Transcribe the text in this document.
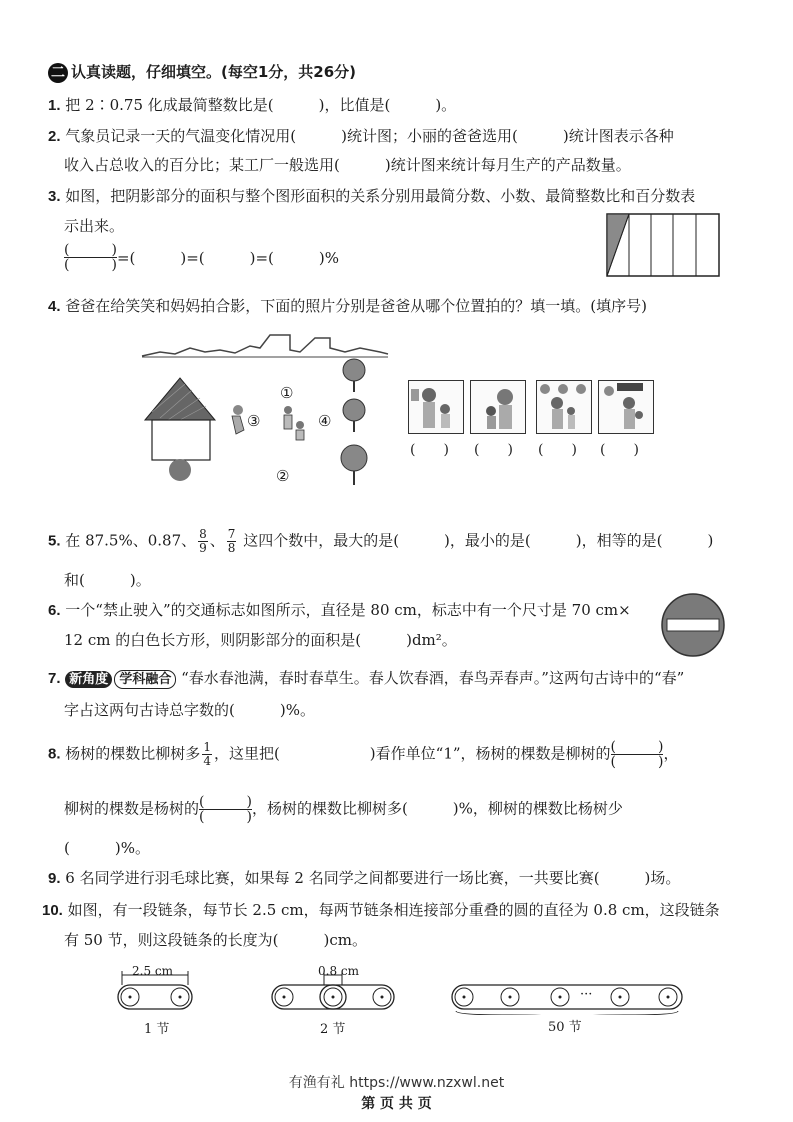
二 认真读题，仔细填空。(每空1分，共26分)
1. 把 2∶0.75 化成最简整数比是(　　　)，比值是(　　　)。
2. 气象员记录一天的气温变化情况用(　　　)统计图；小丽的爸爸选用(　　　)统计图表示各种
收入占总收入的百分比；某工厂一般选用(　　　)统计图来统计每月生产的产品数量。
3. 如图，把阴影部分的面积与整个图形面积的关系分别用最简分数、小数、最简整数比和百分数表
示出来。
(　　　)
(　　　) =(　　　)=(　　　)=(　　　)%
4. 爸爸在给笑笑和妈妈拍合影，下面的照片分别是爸爸从哪个位置拍的？填一填。(填序号)
①
②
③	④
(　　) (　　) (　　) (　　)
5. 在 87.5%、0.87、 $\frac{8}{9}$ 、 $\frac{7}{8}$ 这四个数中，最大的是(　　　)，最小的是(　　　)，相等的是(　　　)
和(　　　)。
6. 一个“禁止驶入”的交通标志如图所示，直径是 80 cm，标志中有一个尺寸是 70 cm×
12 cm 的白色长方形，则阴影部分的面积是(　　　)dm²。
7. 新角度 学科融合 “春水春池满，春时春草生。春人饮春酒，春鸟弄春声。”这两句古诗中的“春”
字占这两句古诗总字数的(　　　)%。
8. 杨树的棵数比柳树多 $\frac{1}{4}$ ，这里把(　　　　　　)看作单位“1”，杨树的棵数是柳树的 (　　　)
(　　　) ，
柳树的棵数是杨树的 (　　　)
(　　　) ，杨树的棵数比柳树多(　　　)%，柳树的棵数比杨树少
(　　　)%。
9. 6 名同学进行羽毛球比赛，如果每 2 名同学之间都要进行一场比赛，一共要比赛(　　　)场。
10. 如图，有一段链条，每节长 2.5 cm，每两节链条相连接部分重叠的圆的直径为 0.8 cm，这段链条
有 50 节，则这段链条的长度为(　　　)cm。
2.5 cm
1 节
0.8 cm
2 节
···
50 节
有渔有礼 https://www.nzxwl.net
第 页 共 页
